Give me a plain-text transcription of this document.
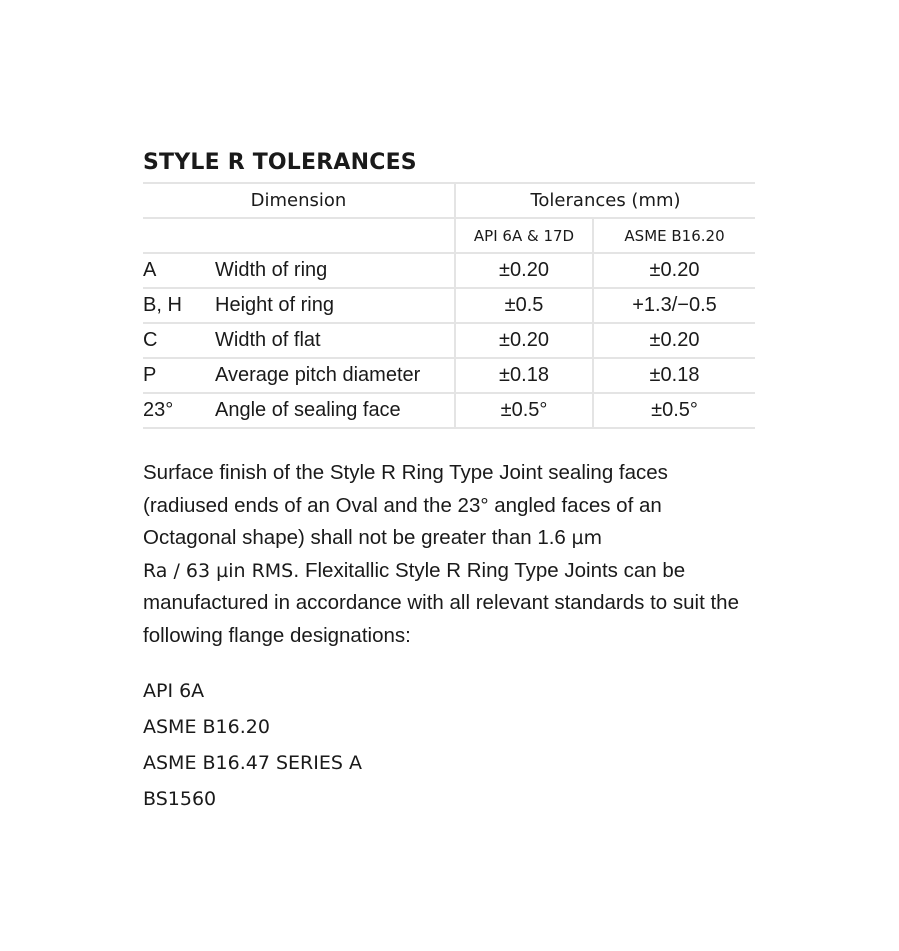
STYLE R TOLERANCES
Dimension		Tolerances (mm)	
		API 6A & 17D	ASME B16.20
A	Width of ring	±0.20	±0.20
B, H	Height of ring	±0.5	+1.3/−0.5
C	Width of flat	±0.20	±0.20
P	Average pitch diameter	±0.18	±0.18
23°	Angle of sealing face	±0.5°	±0.5°

Surface finish of the Style R Ring Type Joint sealing faces (radiused ends of an Oval and the 23° angled faces of an Octagonal shape) shall not be greater than 1.6 µm
Ra / 63 µin RMS. Flexitallic Style R Ring Type Joints can be manufactured in accordance with all relevant standards to suit the following flange designations:

API 6A
ASME B16.20
ASME B16.47 SERIES A
BS1560
